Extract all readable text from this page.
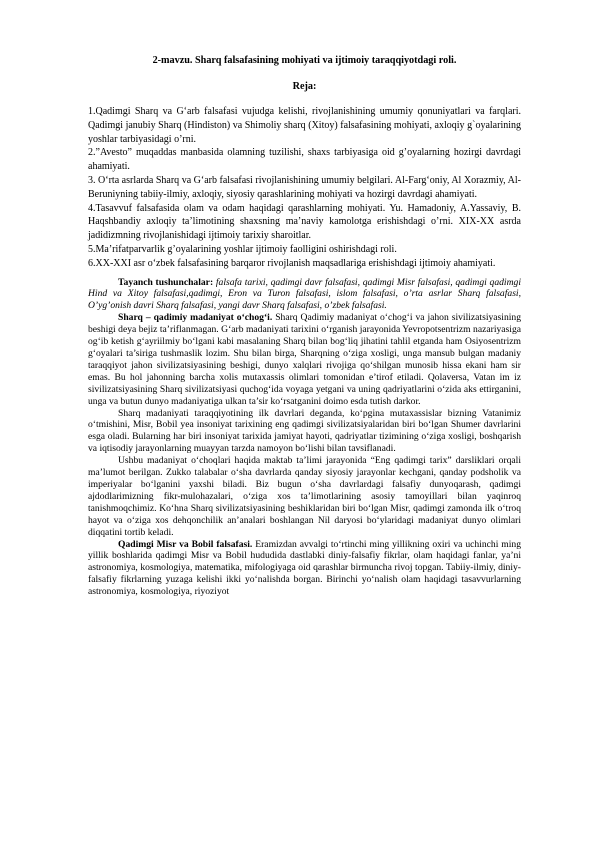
2-mavzu. Sharq falsafasining mohiyati va ijtimoiy taraqqiyotdagi roli.
Reja:

1.Qadimgi Sharq va G‘arb falsafasi vujudga kelishi, rivojlanishining umumiy qonuniyatlari va farqlari. Qadimgi janubiy Sharq (Hindiston) va Shimoliy sharq (Xitoy) falsafasining mohiyati, axloqiy g`oyalarining yoshlar tarbiyasidagi o’rni.

2.”Avesto” muqaddas manbasida olamning tuzilishi, shaxs tarbiyasiga oid g’oyalarning hozirgi davrdagi ahamiyati.

3. O‘rta asrlarda Sharq va G‘arb falsafasi rivojlanishining umumiy belgilari. Al-Farg‘oniy, Al Xorazmiy, Al-Beruniyning tabiiy-ilmiy, axloqiy, siyosiy qarashlarining mohiyati va hozirgi davrdagi ahamiyati.

4.Tasavvuf falsafasida olam va odam haqidagi qarashlarning mohiyati. Yu. Hamadoniy, A.Yassaviy, B. Haqshbandiy axloqiy ta’limotining shaxsning ma’naviy kamolotga erishishdagi o’rni. XIX-XX asrda jadidizmning rivojlanishidagi ijtimoiy tarixiy sharoitlar.

5.Ma’rifatparvarlik g’oyalarining yoshlar ijtimoiy faolligini oshirishdagi roli.

6.XX-XXI asr o‘zbek falsafasining barqaror rivojlanish maqsadlariga erishishdagi ijtimoiy ahamiyati.

Tayanch tushunchalar: falsafa tarixi, qadimgi davr falsafasi, qadimgi Misr falsafasi, qadimgi qadimgi Hind va Xitoy falsafasi,qadimgi, Eron va Turon falsafasi, islom falsafasi, o’rta asrlar Sharq falsafasi, O’yg’onish davri Sharq falsafasi, yangi davr Sharq falsafasi, o’zbek falsafasi.

Sharq – qadimiy madaniyat o‘chog‘i. Sharq Qadimiy madaniyat o‘chog‘i va jahon sivilizatsiyasining beshigi deya bejiz ta’riflanmagan. G‘arb madaniyati tarixini o‘rganish jarayonida Yevropotsentrizm nazariyasiga og‘ib ketish g‘ayriilmiy bo‘lgani kabi masalaning Sharq bilan bog‘liq jihatini tahlil etganda ham Osiyosentrizm g‘oyalari ta’siriga tushmaslik lozim. Shu bilan birga, Sharqning o‘ziga xosligi, unga mansub bulgan madaniy taraqqiyot jahon sivilizatsiyasining beshigi, dunyo xalqlari rivojiga qo‘shilgan munosib hissa ekani ham sir emas. Bu hol jahonning barcha xolis mutaxassis olimlari tomonidan e’tirof etiladi. Qolaversa, Vatan im iz sivilizatsiyasining Sharq sivilizatsiyasi quchog‘ida voyaga yetgani va uning qadriyatlarini o‘zida aks ettirganini, unga va butun dunyo madaniyatiga ulkan ta’sir ko‘rsatganini doimo esda tutish darkor.

Sharq madaniyati taraqqiyotining ilk davrlari deganda, ko‘pgina mutaxassislar bizning Vatanimiz o‘tmishini, Misr, Bobil yea insoniyat tarixining eng qadimgi sivilizatsiyalaridan biri bo‘lgan Shumer davrlarini esga oladi. Bularning har biri insoniyat tarixida jamiyat hayoti, qadriyatlar tizimining o‘ziga xosligi, boshqarish va iqtisodiy jarayonlarning muayyan tarzda namoyon bo‘lishi bilan tavsiflanadi.

Ushbu madaniyat o‘choqlari haqida maktab ta’limi jarayonida “Eng qadimgi tarix” darsliklari orqali ma’lumot berilgan. Zukko talabalar o‘sha davrlarda qanday siyosiy jarayonlar kechgani, qanday podsholik va imperiyalar bo‘lganini yaxshi biladi. Biz bugun o‘sha davrlardagi falsafiy dunyoqarash, qadimgi ajdodlarimizning fikr-mulohazalari, o‘ziga xos ta’limotlarining asosiy tamoyillari bilan yaqinroq tanishmoqchimiz. Ko‘hna Sharq sivilizatsiyasining beshiklaridan biri bo‘lgan Misr, qadimgi zamonda ilk o‘troq hayot va o‘ziga xos dehqonchilik an’analari boshlangan Nil daryosi bo‘ylaridagi madaniyat dunyo olimlari diqqatini tortib keladi.

Qadimgi Misr va Bobil falsafasi. Eramizdan avvalgi to‘rtinchi ming yillikning oxiri va uchinchi ming yillik boshlarida qadimgi Misr va Bobil hududida dastlabki diniy-falsafiy fikrlar, olam haqidagi fanlar, ya’ni astronomiya, kosmologiya, matematika, mifologiyaga oid qarashlar birmuncha rivoj topgan. Tabiiy-ilmiy, diniy-falsafiy fikrlarning yuzaga kelishi ikki yo‘nalishda borgan. Birinchi yo‘nalish olam haqidagi tasavvurlarning astronomiya, kosmologiya, riyoziyot
